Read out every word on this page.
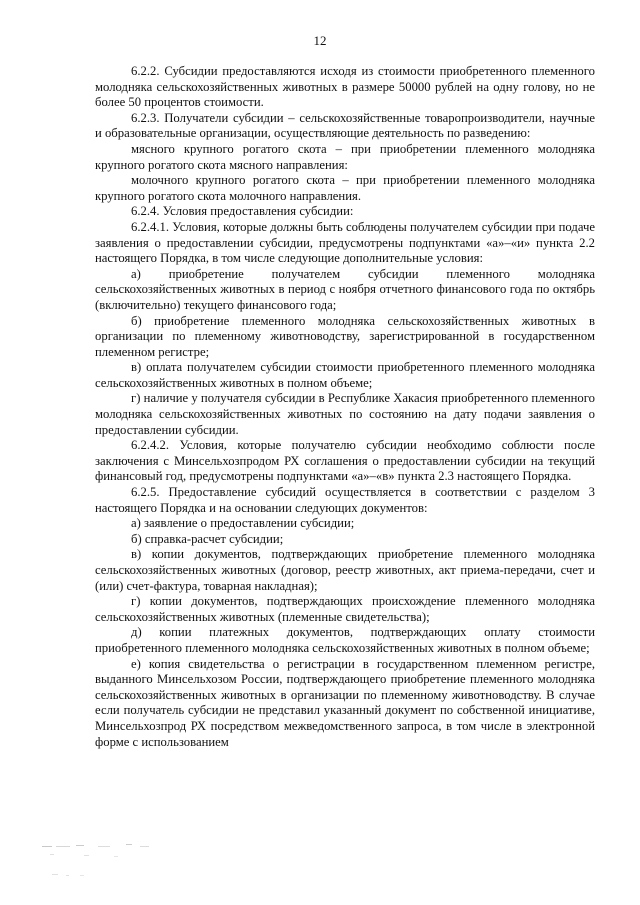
12

6.2.2. Субсидии предоставляются исходя из стоимости приобретенного племенного молодняка сельскохозяйственных животных в размере 50000 рублей на одну голову, но не более 50 процентов стоимости.

6.2.3. Получатели субсидии – сельскохозяйственные товаропроизводители, научные и образовательные организации, осуществляющие деятельность по разведению:

мясного крупного рогатого скота – при приобретении племенного молодняка крупного рогатого скота мясного направления:

молочного крупного рогатого скота – при приобретении племенного молодняка крупного рогатого скота молочного направления.

6.2.4. Условия предоставления субсидии:

6.2.4.1. Условия, которые должны быть соблюдены получателем субсидии при подаче заявления о предоставлении субсидии, предусмотрены подпунктами «а»–«и» пункта 2.2 настоящего Порядка, в том числе следующие дополнительные условия:

а) приобретение получателем субсидии племенного молодняка сельскохозяйственных животных в период с ноября отчетного финансового года по октябрь (включительно) текущего финансового года;

б) приобретение племенного молодняка сельскохозяйственных животных в организации по племенному животноводству, зарегистрированной в государственном племенном регистре;

в) оплата получателем субсидии стоимости приобретенного племенного молодняка сельскохозяйственных животных в полном объеме;

г) наличие у получателя субсидии в Республике Хакасия приобретенного племенного молодняка сельскохозяйственных животных по состоянию на дату подачи заявления о предоставлении субсидии.

6.2.4.2. Условия, которые получателю субсидии необходимо соблюсти после заключения с Минсельхозпродом РХ соглашения о предоставлении субсидии на текущий финансовый год, предусмотрены подпунктами «а»–«в» пункта 2.3 настоящего Порядка.

6.2.5. Предоставление субсидий осуществляется в соответствии с разделом 3 настоящего Порядка и на основании следующих документов:

а) заявление о предоставлении субсидии;

б) справка-расчет субсидии;

в) копии документов, подтверждающих приобретение племенного молодняка сельскохозяйственных животных (договор, реестр животных, акт приема-передачи, счет и (или) счет-фактура, товарная накладная);

г) копии документов, подтверждающих происхождение племенного молодняка сельскохозяйственных животных (племенные свидетельства);

д) копии платежных документов, подтверждающих оплату стоимости приобретенного племенного молодняка сельскохозяйственных животных в полном объеме;

е) копия свидетельства о регистрации в государственном племенном регистре, выданного Минсельхозом России, подтверждающего приобретение племенного молодняка сельскохозяйственных животных в организации по племенному животноводству. В случае если получатель субсидии не представил указанный документ по собственной инициативе, Минсельхозпрод РХ посредством межведомственного запроса, в том числе в электронной форме с использованием
